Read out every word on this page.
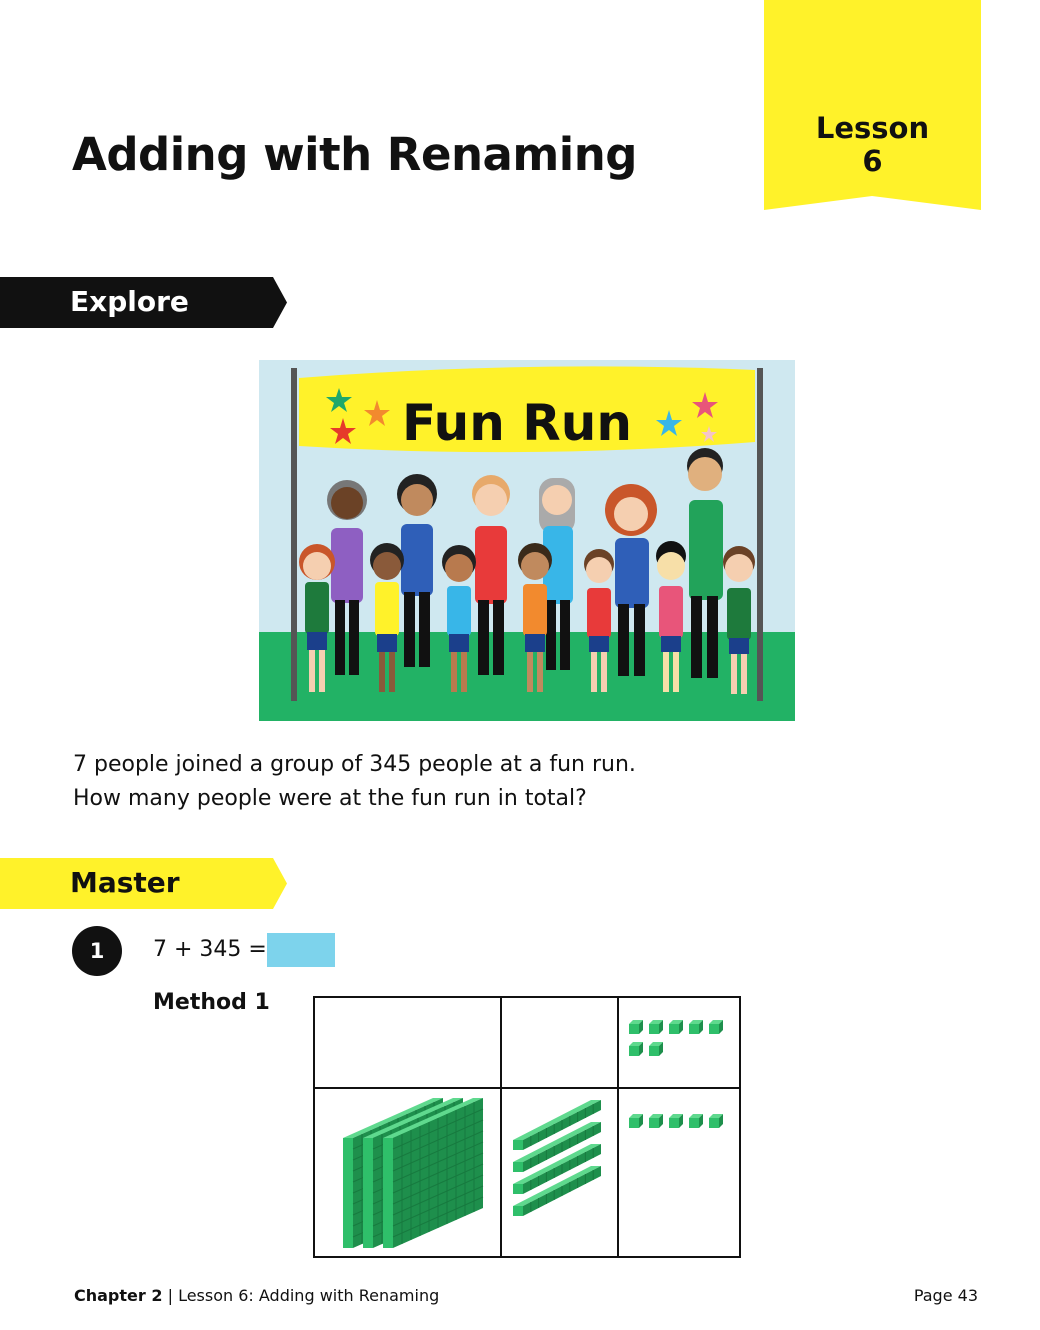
Lesson
6
Adding with Renaming
Explore
Fun Run
7 people joined a group of 345 people at a fun run.
How many people were at the fun run in total?
Master
1	7 + 345 =
Method 1
Chapter 2 | Lesson 6: Adding with Renaming	Page 43
